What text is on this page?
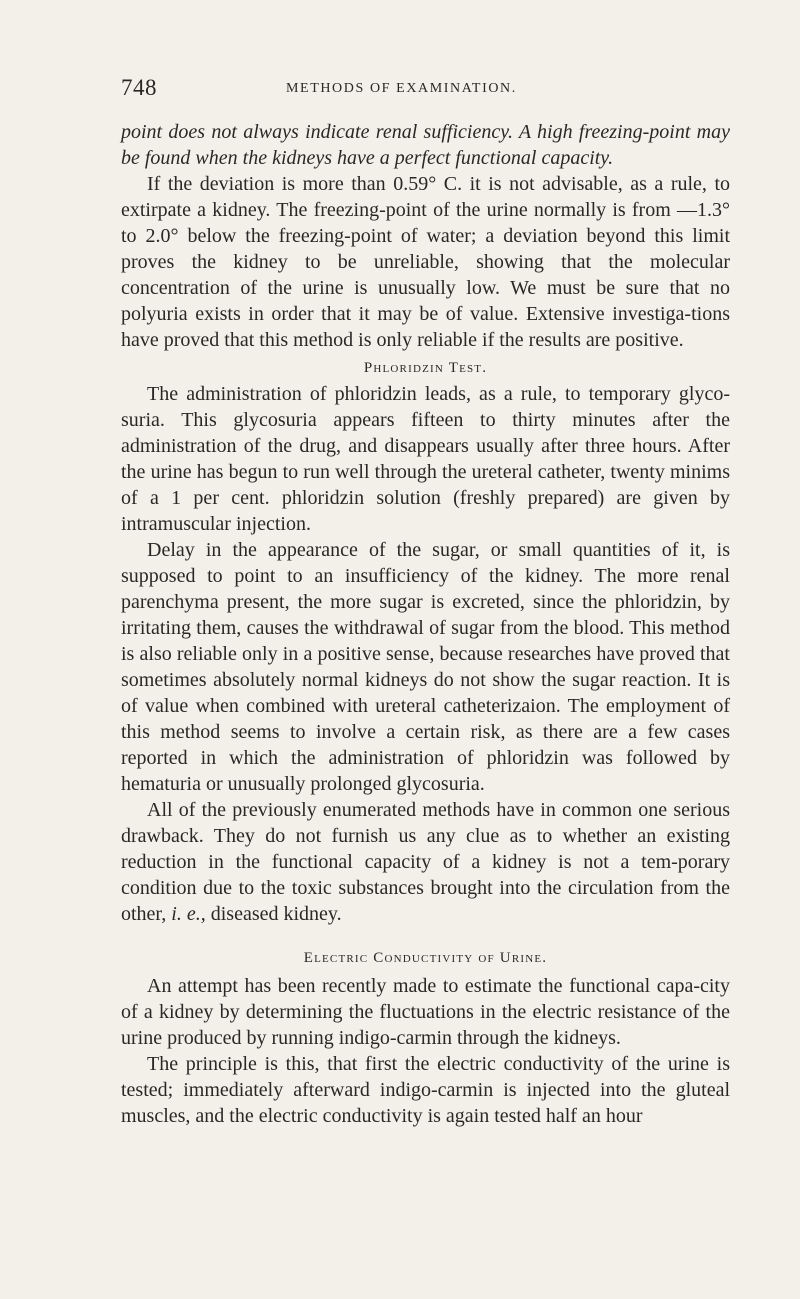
748	METHODS OF EXAMINATION.

point does not always indicate renal sufficiency. A high freezing-point may be found when the kidneys have a perfect functional capacity.

If the deviation is more than 0.59° C. it is not advisable, as a rule, to extirpate a kidney. The freezing-point of the urine normally is from —1.3° to 2.0° below the freezing-point of water; a deviation beyond this limit proves the kidney to be unreliable, showing that the molecular concentration of the urine is unusually low. We must be sure that no polyuria exists in order that it may be of value. Extensive investiga-tions have proved that this method is only reliable if the results are positive.

Phloridzin Test.

The administration of phloridzin leads, as a rule, to temporary glyco-suria. This glycosuria appears fifteen to thirty minutes after the administration of the drug, and disappears usually after three hours. After the urine has begun to run well through the ureteral catheter, twenty minims of a 1 per cent. phloridzin solution (freshly prepared) are given by intramuscular injection.

Delay in the appearance of the sugar, or small quantities of it, is supposed to point to an insufficiency of the kidney. The more renal parenchyma present, the more sugar is excreted, since the phloridzin, by irritating them, causes the withdrawal of sugar from the blood. This method is also reliable only in a positive sense, because researches have proved that sometimes absolutely normal kidneys do not show the sugar reaction. It is of value when combined with ureteral catheterizaion. The employment of this method seems to involve a certain risk, as there are a few cases reported in which the administration of phloridzin was followed by hematuria or unusually prolonged glycosuria.

All of the previously enumerated methods have in common one serious drawback. They do not furnish us any clue as to whether an existing reduction in the functional capacity of a kidney is not a tem-porary condition due to the toxic substances brought into the circulation from the other, i. e., diseased kidney.

Electric Conductivity of Urine.

An attempt has been recently made to estimate the functional capa-city of a kidney by determining the fluctuations in the electric resistance of the urine produced by running indigo-carmin through the kidneys.

The principle is this, that first the electric conductivity of the urine is tested; immediately afterward indigo-carmin is injected into the gluteal muscles, and the electric conductivity is again tested half an hour
